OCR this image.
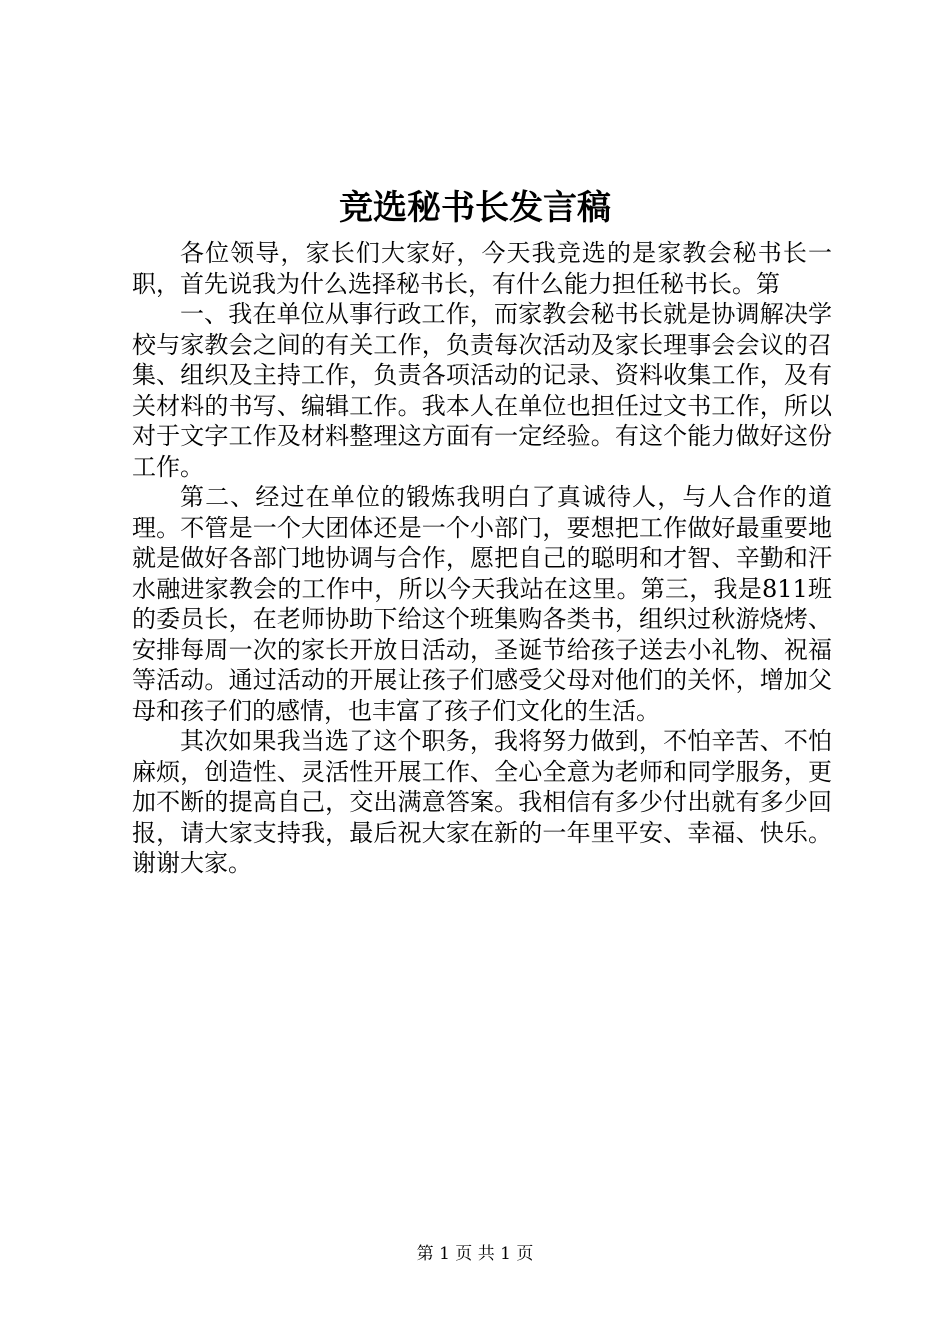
竞选秘书长发言稿

各位领导，家长们大家好，今天我竞选的是家教会秘书长一职，首先说我为什么选择秘书长，有什么能力担任秘书长。第

一、我在单位从事行政工作，而家教会秘书长就是协调解决学校与家教会之间的有关工作，负责每次活动及家长理事会会议的召集、组织及主持工作，负责各项活动的记录、资料收集工作，及有关材料的书写、编辑工作。我本人在单位也担任过文书工作，所以对于文字工作及材料整理这方面有一定经验。有这个能力做好这份工作。

第二、经过在单位的锻炼我明白了真诚待人，与人合作的道理。不管是一个大团体还是一个小部门，要想把工作做好最重要地就是做好各部门地协调与合作，愿把自己的聪明和才智、辛勤和汗水融进家教会的工作中，所以今天我站在这里。第三，我是811班的委员长，在老师协助下给这个班集购各类书，组织过秋游烧烤、安排每周一次的家长开放日活动，圣诞节给孩子送去小礼物、祝福等活动。通过活动的开展让孩子们感受父母对他们的关怀，增加父母和孩子们的感情，也丰富了孩子们文化的生活。

其次如果我当选了这个职务，我将努力做到，不怕辛苦、不怕麻烦，创造性、灵活性开展工作、全心全意为老师和同学服务，更加不断的提高自己，交出满意答案。我相信有多少付出就有多少回报，请大家支持我，最后祝大家在新的一年里平安、幸福、快乐。谢谢大家。

第 1 页 共 1 页
